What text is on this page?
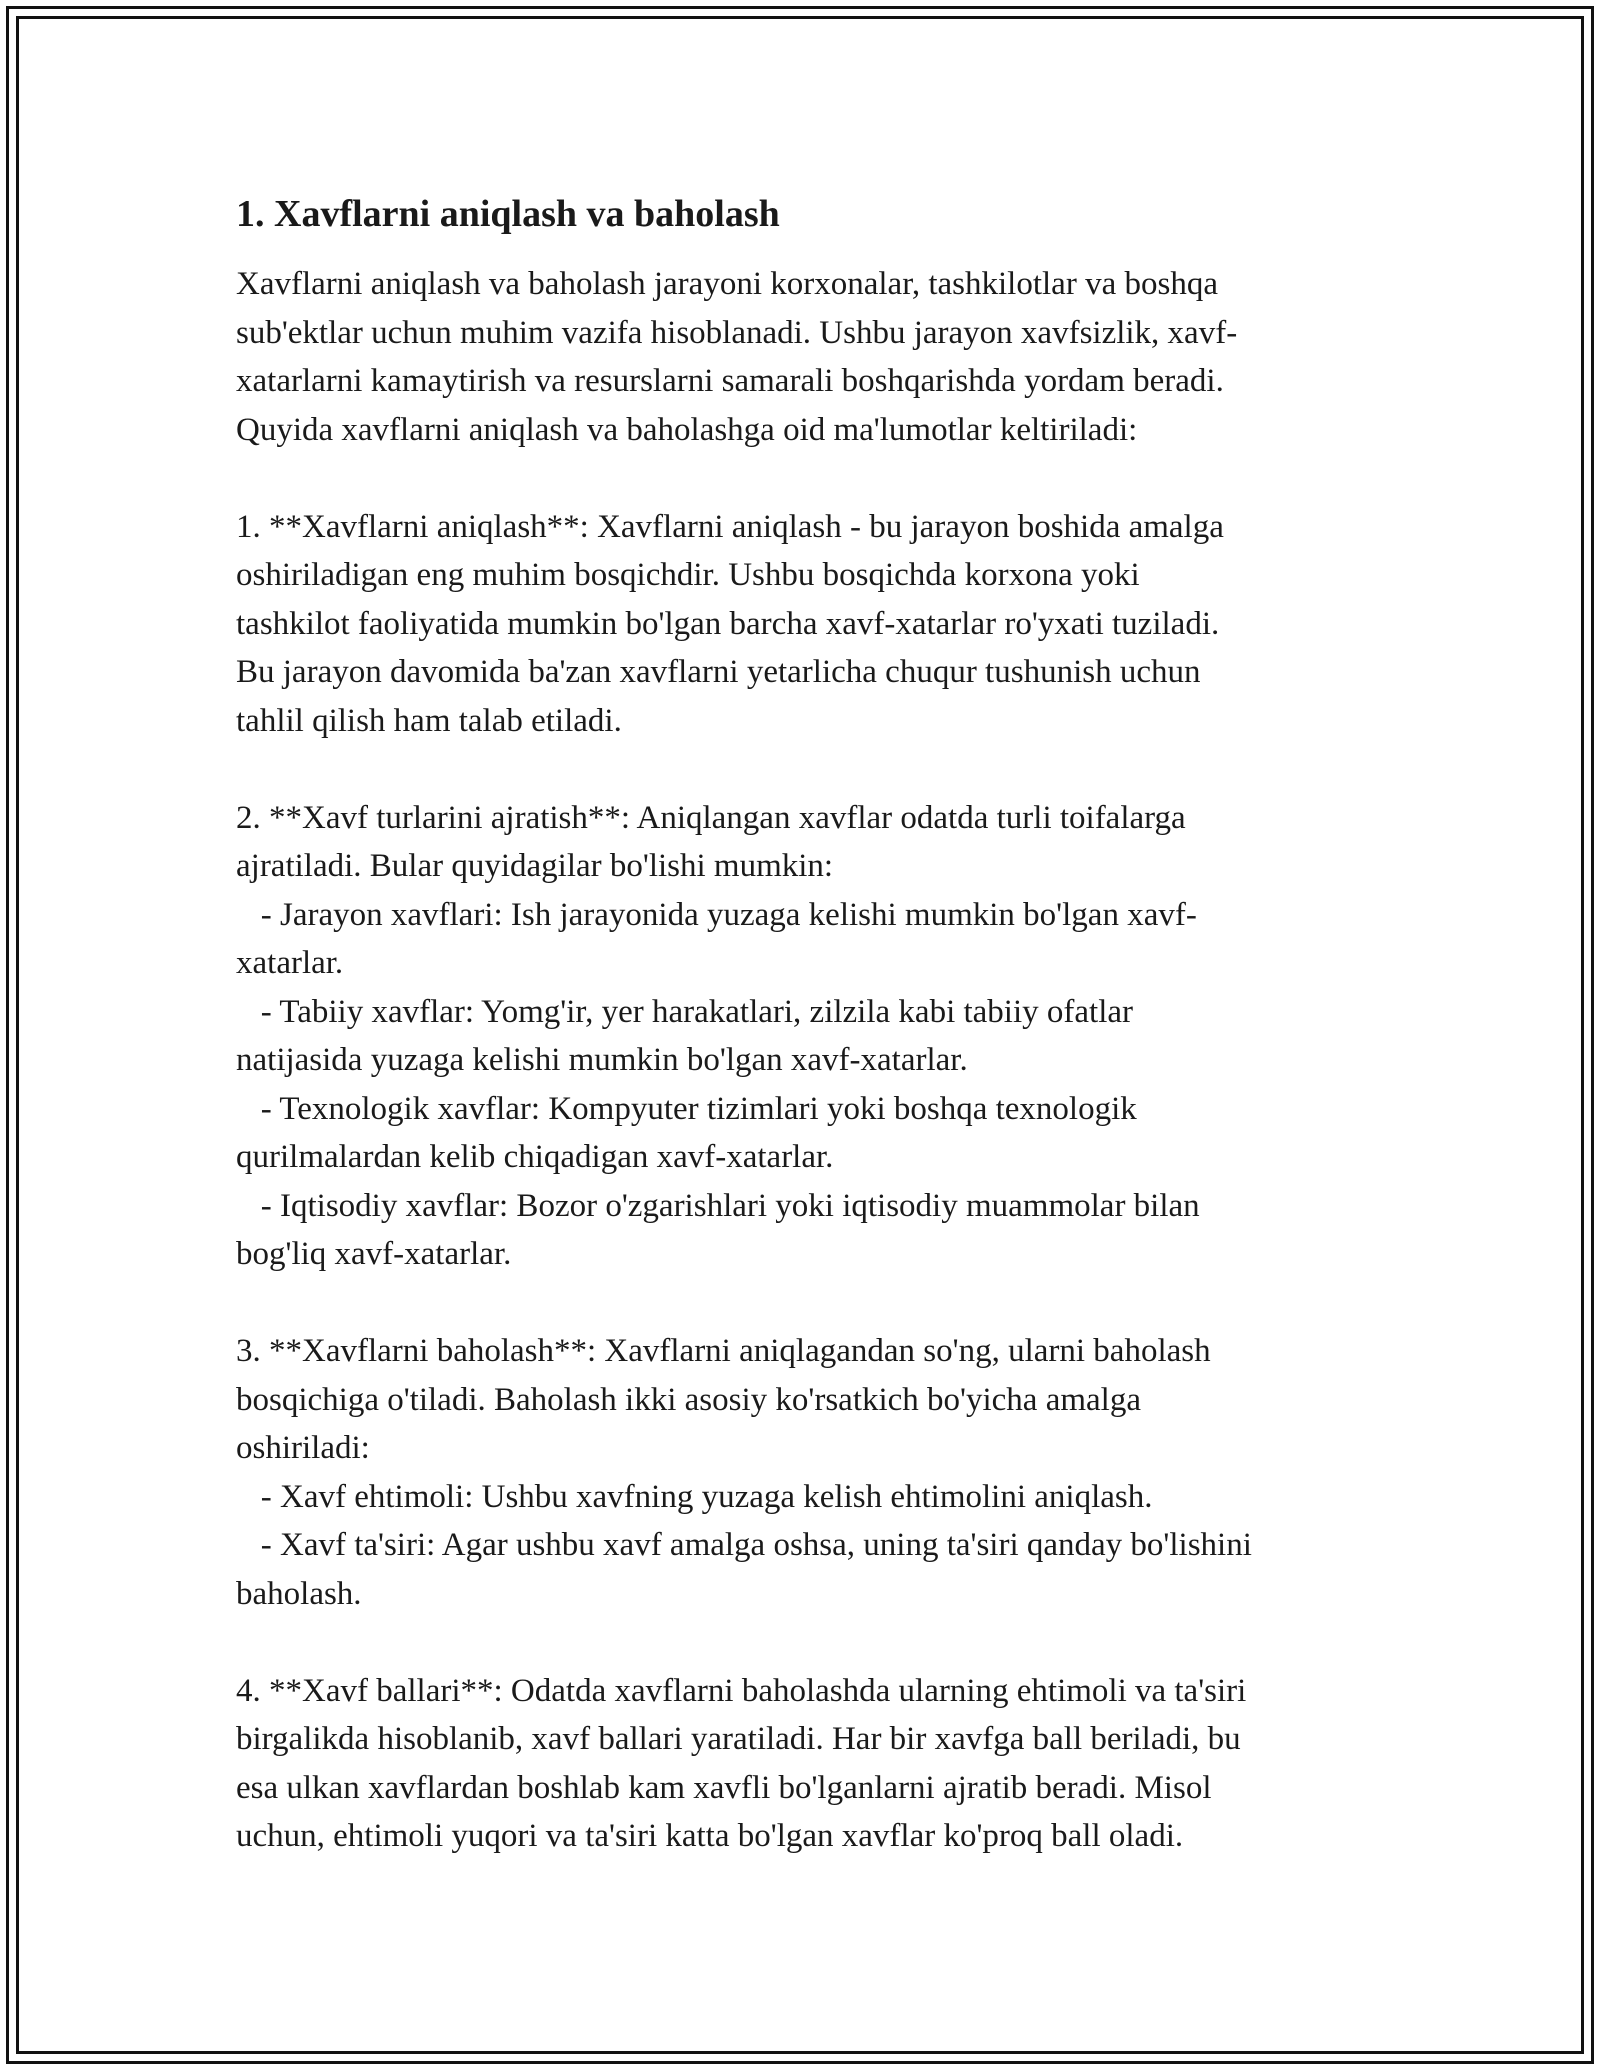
1. Xavflarni aniqlash va baholash

Xavflarni aniqlash va baholash jarayoni korxonalar, tashkilotlar va boshqa

sub'ektlar uchun muhim vazifa hisoblanadi. Ushbu jarayon xavfsizlik, xavf-

xatarlarni kamaytirish va resurslarni samarali boshqarishda yordam beradi.

Quyida xavflarni aniqlash va baholashga oid ma'lumotlar keltiriladi:

1. **Xavflarni aniqlash**: Xavflarni aniqlash - bu jarayon boshida amalga

oshiriladigan eng muhim bosqichdir. Ushbu bosqichda korxona yoki

tashkilot faoliyatida mumkin bo'lgan barcha xavf-xatarlar ro'yxati tuziladi.

Bu jarayon davomida ba'zan xavflarni yetarlicha chuqur tushunish uchun

tahlil qilish ham talab etiladi.

2. **Xavf turlarini ajratish**: Aniqlangan xavflar odatda turli toifalarga

ajratiladi. Bular quyidagilar bo'lishi mumkin:

- Jarayon xavflari: Ish jarayonida yuzaga kelishi mumkin bo'lgan xavf-

xatarlar.

- Tabiiy xavflar: Yomg'ir, yer harakatlari, zilzila kabi tabiiy ofatlar

natijasida yuzaga kelishi mumkin bo'lgan xavf-xatarlar.

- Texnologik xavflar: Kompyuter tizimlari yoki boshqa texnologik

qurilmalardan kelib chiqadigan xavf-xatarlar.

- Iqtisodiy xavflar: Bozor o'zgarishlari yoki iqtisodiy muammolar bilan

bog'liq xavf-xatarlar.

3. **Xavflarni baholash**: Xavflarni aniqlagandan so'ng, ularni baholash

bosqichiga o'tiladi. Baholash ikki asosiy ko'rsatkich bo'yicha amalga

oshiriladi:

- Xavf ehtimoli: Ushbu xavfning yuzaga kelish ehtimolini aniqlash.

- Xavf ta'siri: Agar ushbu xavf amalga oshsa, uning ta'siri qanday bo'lishini

baholash.

4. **Xavf ballari**: Odatda xavflarni baholashda ularning ehtimoli va ta'siri

birgalikda hisoblanib, xavf ballari yaratiladi. Har bir xavfga ball beriladi, bu

esa ulkan xavflardan boshlab kam xavfli bo'lganlarni ajratib beradi. Misol

uchun, ehtimoli yuqori va ta'siri katta bo'lgan xavflar ko'proq ball oladi.
